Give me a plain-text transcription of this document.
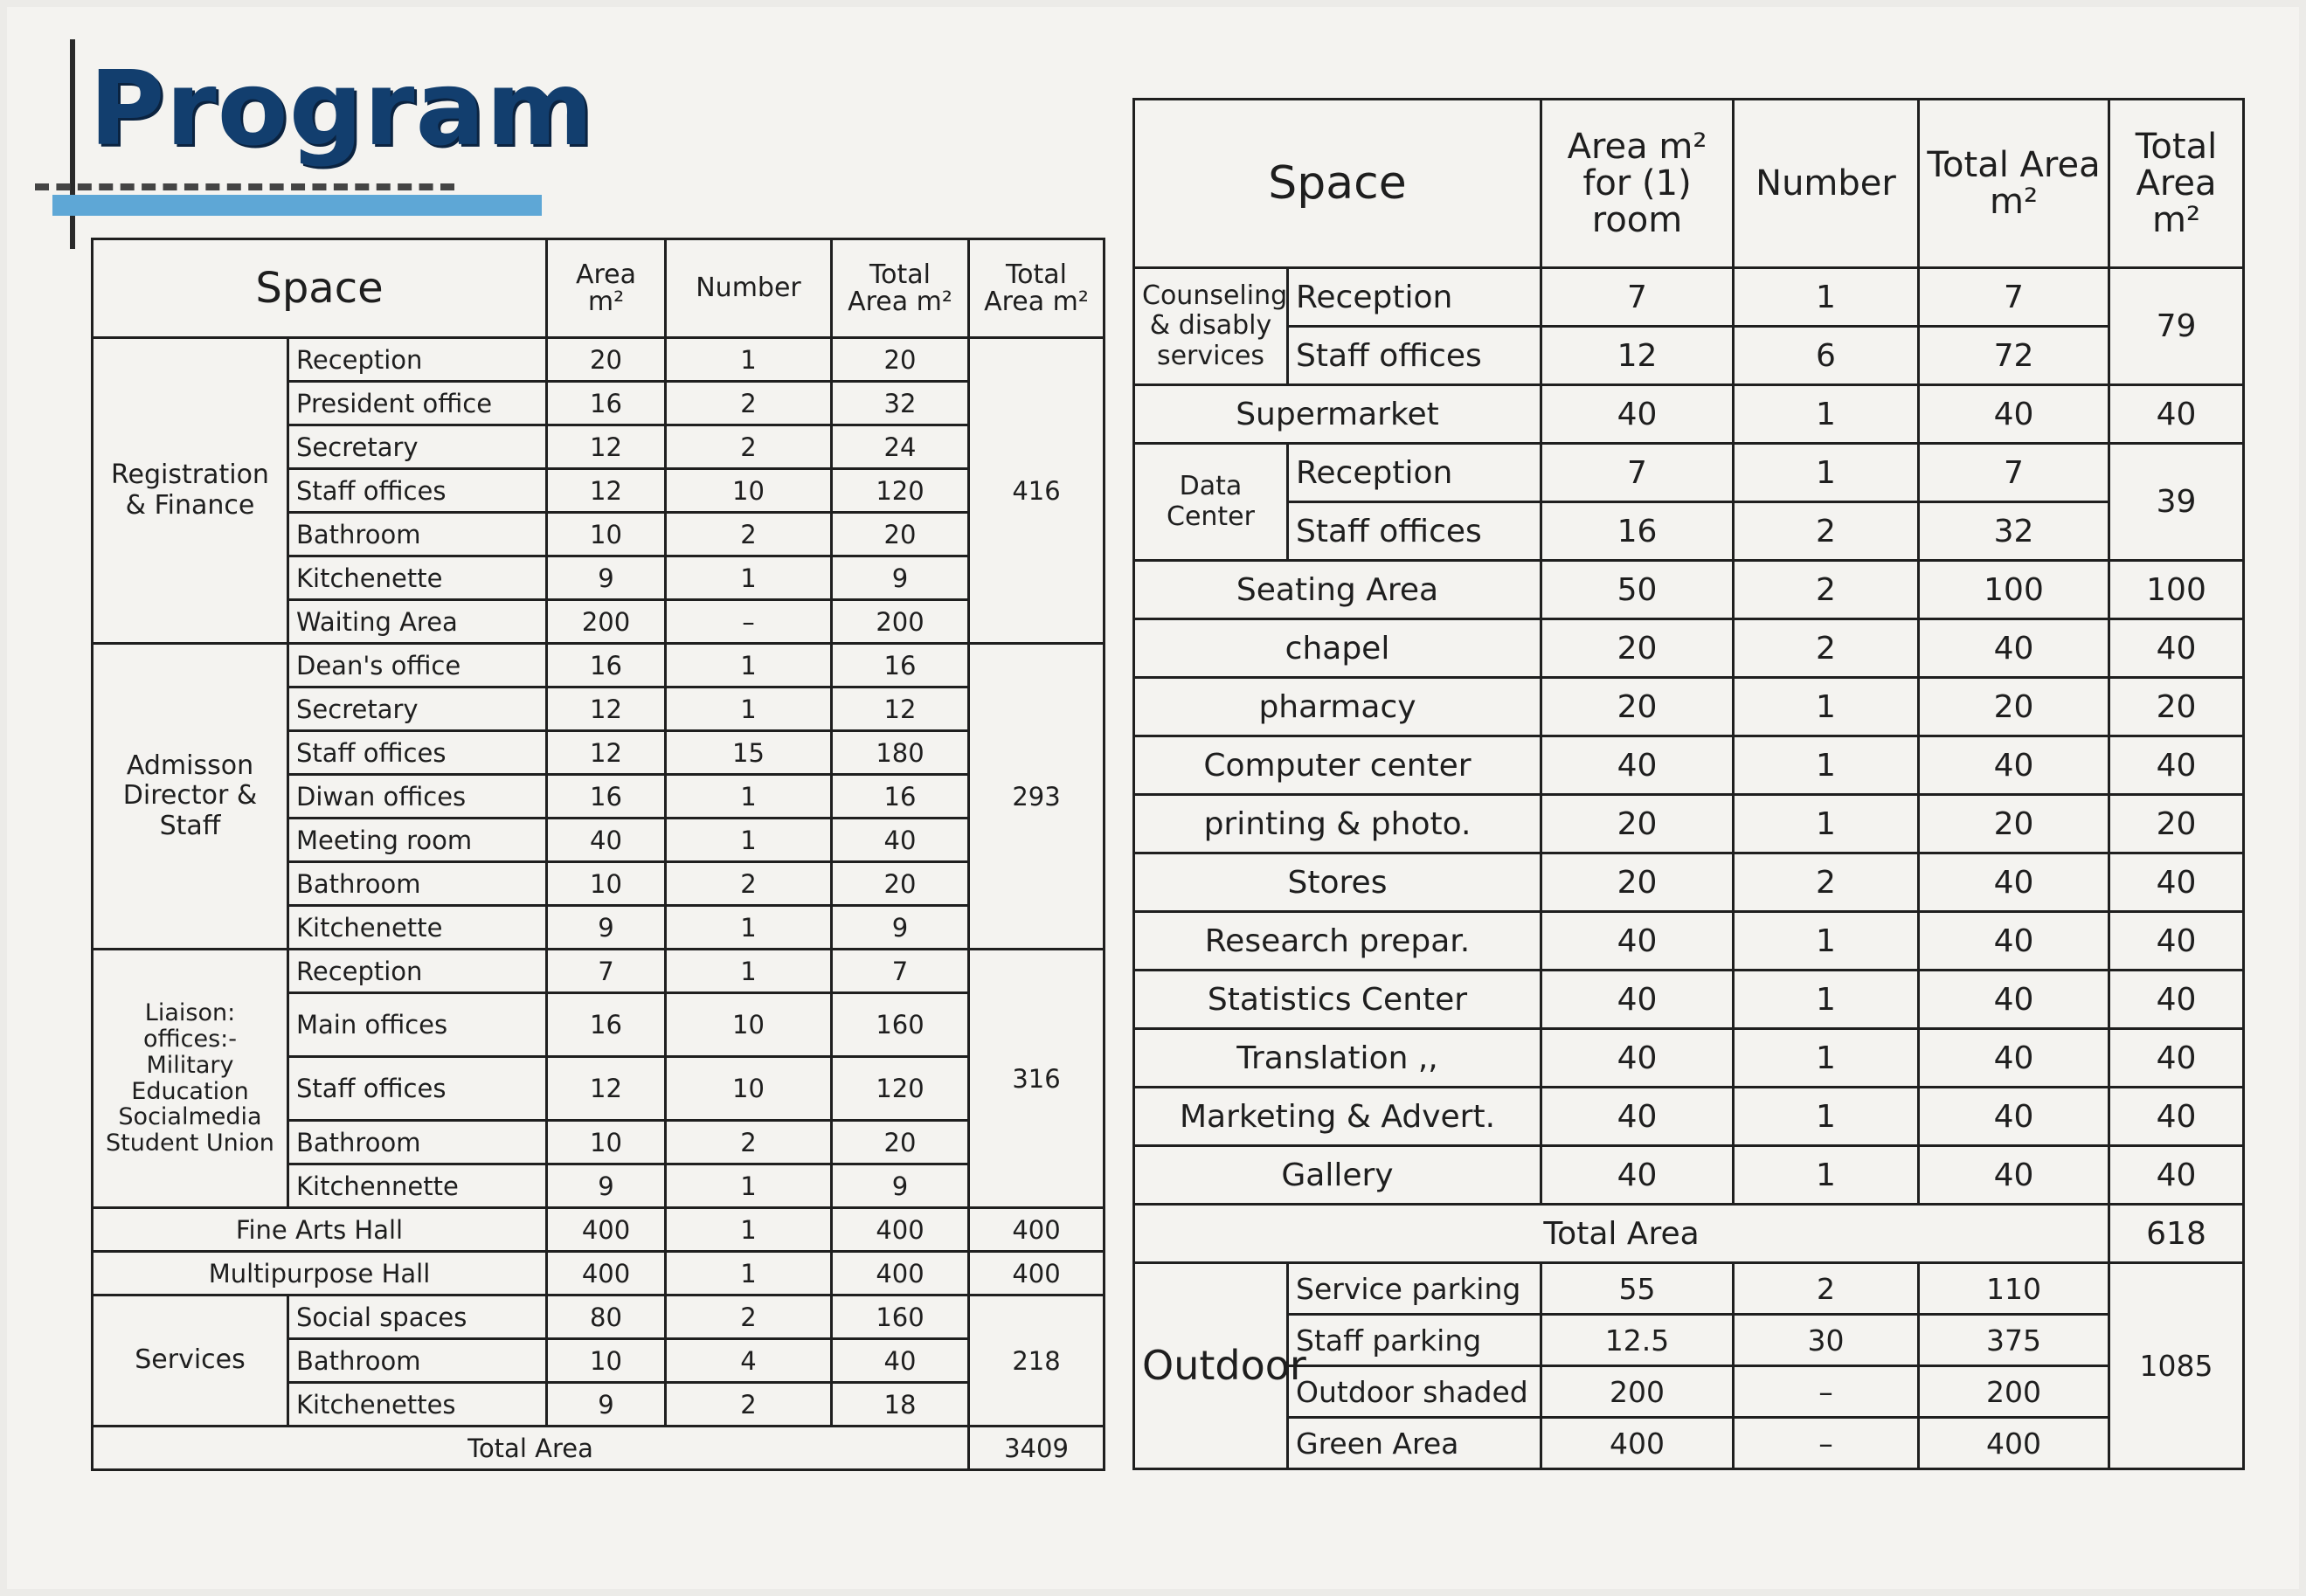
Program
Space		Area m²	Number	Total Area m²	Total Area m²
Registration & Finance	Reception	20	1	20	416
	President office	16	2	32	
	Secretary	12	2	24	
	Staff offices	12	10	120	
	Bathroom	10	2	20	
	Kitchenette	9	1	9	
	Waiting Area	200	–	200	
Admisson Director & Staff	Dean's office	16	1	16	293
	Secretary	12	1	12	
	Staff offices	12	15	180	
	Diwan offices	16	1	16	
	Meeting room	40	1	40	
	Bathroom	10	2	20	
	Kitchenette	9	1	9	
Liaison: offices:- Military Education Socialmedia Student Union	Reception	7	1	7	316
	Main offices	16	10	160	
	Staff offices	12	10	120	
	Bathroom	10	2	20	
	Kitchennette	9	1	9	
Fine Arts Hall		400	1	400	400
Multipurpose Hall		400	1	400	400
Services	Social spaces	80	2	160	218
	Bathroom	10	4	40	
	Kitchenettes	9	2	18	
Total Area					3409
Space		Area m² for (1) room	Number	Total Area m²	Total Area m²
Counseling & disably services	Reception	7	1	7	79
	Staff offices	12	6	72	
Supermarket		40	1	40	40
Data Center	Reception	7	1	7	39
	Staff offices	16	2	32	
Seating Area		50	2	100	100
chapel		20	2	40	40
pharmacy		20	1	20	20
Computer center		40	1	40	40
printing & photo.		20	1	20	20
Stores		20	2	40	40
Research prepar.		40	1	40	40
Statistics Center		40	1	40	40
Translation ,,		40	1	40	40
Marketing & Advert.		40	1	40	40
Gallery		40	1	40	40
Total Area					618
Outdoor	Service parking	55	2	110	1085
	Staff parking	12.5	30	375	
	Outdoor shaded	200	–	200	
	Green Area	400	–	400	
